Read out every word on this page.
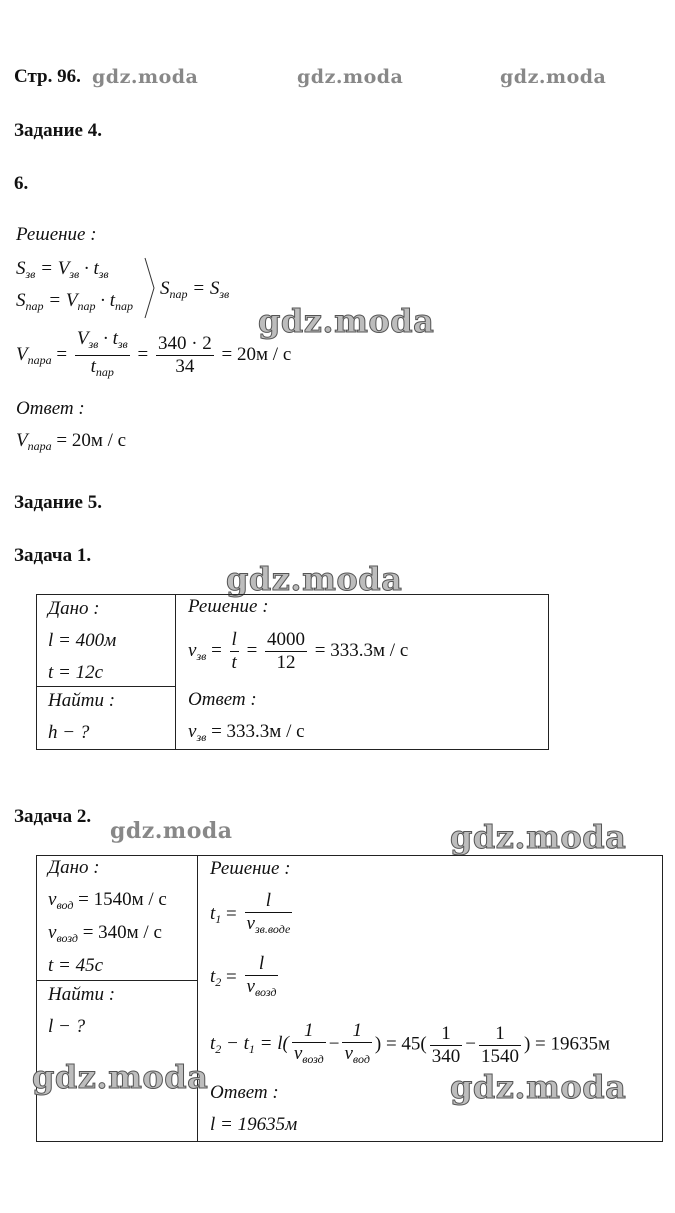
Стр. 96. gdz.moda	gdz.moda	gdz.moda
Задание 4.
6.
Решение :
$S_{зв} = V_{зв} \cdot t_{зв}$
$S_{пар} = V_{пар} \cdot t_{пар}$
$S_{пар} = S_{зв}$
$V_{пара} = \frac{V_{зв} \cdot t_{зв}}{t_{пар}} = \frac{340 \cdot 2}{34} = 20м / с$
gdz.moda
Ответ :
$V_{пара} = 20м / с$
Задание 5.
Задача 1.
gdz.moda
Дано :
l = 400м
t = 12с
Найти :
h − ?
Решение :
$v_{зв} = \frac{l}{t} = \frac{4000}{12} = 333.3м / с$
Ответ :
$v_{зв} = 333.3м / с$
Задача 2.
gdz.moda	gdz.moda
Дано :
$v_{вод} = 1540м / с$
$v_{возд} = 340м / с$
t = 45с
Найти :
l − ?
Решение :
$t_1 = \frac{l}{v_{зв.воде}}$
$t_2 = \frac{l}{v_{возд}}$
$t_2 - t_1 = l( \frac{1}{v_{возд}} - \frac{1}{v_{вод}}$ ) = $45( \frac{1}{340} - \frac{1}{1540}$ ) = 19635м
gdz.moda	gdz.moda
Ответ :
l = 19635м
